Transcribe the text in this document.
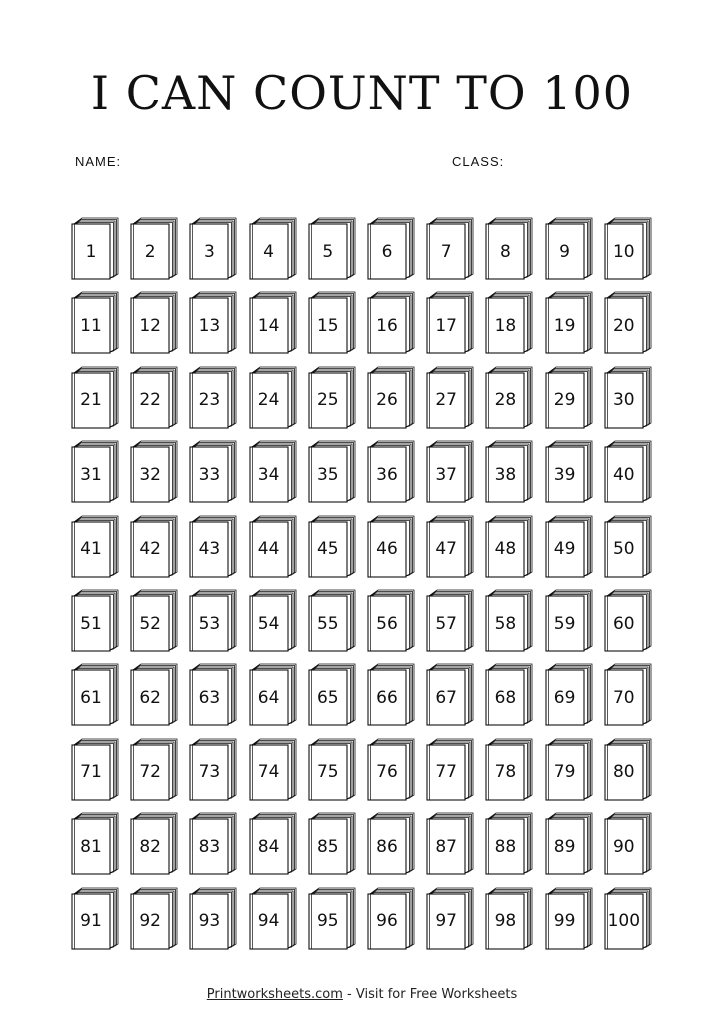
I CAN COUNT TO 100
NAME:	CLASS:
1	2	3	4	5	6	7	8	9	10
11	12	13	14	15	16	17	18	19	20
21	22	23	24	25	26	27	28	29	30
31	32	33	34	35	36	37	38	39	40
41	42	43	44	45	46	47	48	49	50
51	52	53	54	55	56	57	58	59	60
61	62	63	64	65	66	67	68	69	70
71	72	73	74	75	76	77	78	79	80
81	82	83	84	85	86	87	88	89	90
91	92	93	94	95	96	97	98	99	100
Printworksheets.com - Visit for Free Worksheets
